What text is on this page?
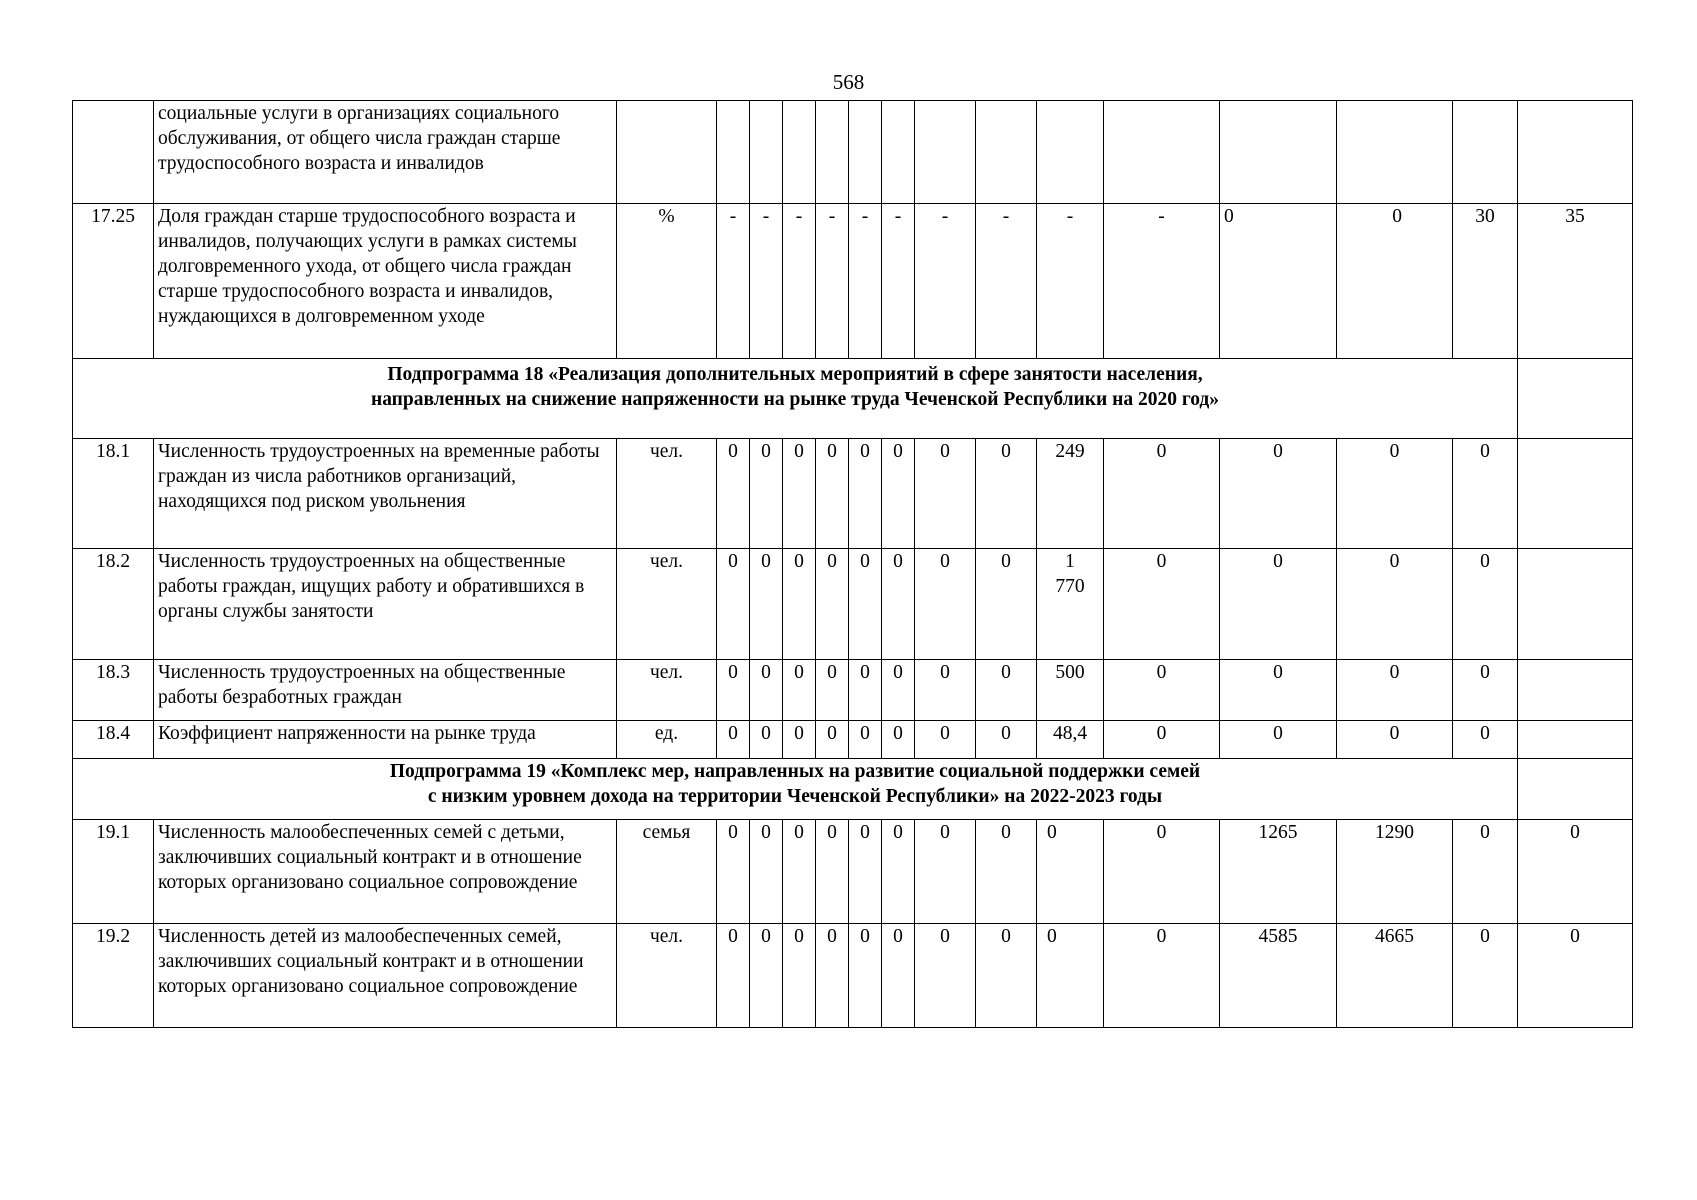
568
	социальные услуги в организациях социального обслуживания, от общего числа граждан старше трудоспособного возраста и инвалидов															
17.25	Доля граждан старше трудоспособного возраста и инвалидов, получающих услуги в рамках системы долговременного ухода, от общего числа граждан старше трудоспособного возраста и инвалидов, нуждающихся в долговременном уходе	%	-	-	-	-	-	-	-	-	-	-	0	0	30	35

Подпрограмма 18 «Реализация дополнительных мероприятий в сфере занятости населения,
направленных на снижение напряженности на рынке труда Чеченской Республики на 2020 год»																

18.1	Численность трудоустроенных на временные работы граждан из числа работников организаций, находящихся под риском увольнения	чел.	0	0	0	0	0	0	0	0	249	0	0	0	0	
18.2	Численность трудоустроенных на общественные работы граждан, ищущих работу и обратившихся в органы службы занятости	чел.	0	0	0	0	0	0	0	0	1 770	0	0	0	0	
18.3	Численность трудоустроенных на общественные работы безработных граждан	чел.	0	0	0	0	0	0	0	0	500	0	0	0	0	
18.4	Коэффициент напряженности на рынке труда	ед.	0	0	0	0	0	0	0	0	48,4	0	0	0	0	

Подпрограмма 19 «Комплекс мер, направленных на развитие социальной поддержки семей
с низким уровнем дохода на территории Чеченской Республики» на 2022-2023 годы																

19.1	Численность малообеспеченных семей с детьми, заключивших социальный контракт и в отношение которых организовано социальное сопровождение	семья	0	0	0	0	0	0	0	0	0	0	1265	1290	0	0
19.2	Численность детей из малообеспеченных семей, заключивших социальный контракт и в отношении которых организовано социальное сопровождение	чел.	0	0	0	0	0	0	0	0	0	0	4585	4665	0	0
